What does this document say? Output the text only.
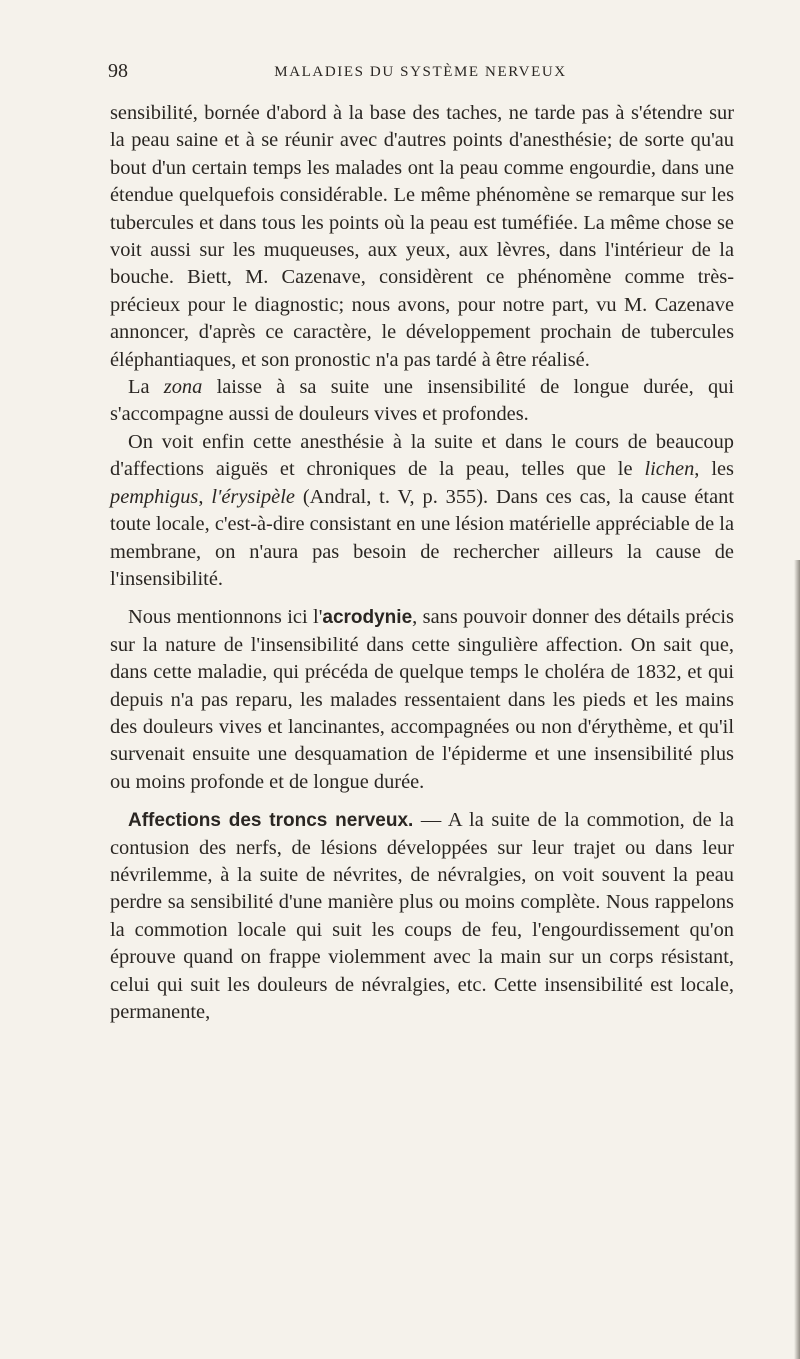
98	MALADIES DU SYSTÈME NERVEUX

sensibilité, bornée d'abord à la base des taches, ne tarde pas à s'étendre sur la peau saine et à se réunir avec d'autres points d'anesthésie; de sorte qu'au bout d'un certain temps les malades ont la peau comme engourdie, dans une étendue quelquefois considérable. Le même phénomène se remarque sur les tubercules et dans tous les points où la peau est tuméfiée. La même chose se voit aussi sur les muqueuses, aux yeux, aux lèvres, dans l'intérieur de la bouche. Biett, M. Cazenave, considèrent ce phénomène comme très-précieux pour le diagnostic; nous avons, pour notre part, vu M. Cazenave annoncer, d'après ce caractère, le développement prochain de tubercules éléphantiaques, et son pronostic n'a pas tardé à être réalisé.

La zona laisse à sa suite une insensibilité de longue durée, qui s'accompagne aussi de douleurs vives et profondes.

On voit enfin cette anesthésie à la suite et dans le cours de beaucoup d'affections aiguës et chroniques de la peau, telles que le lichen, les pemphigus, l'érysipèle (Andral, t. V, p. 355). Dans ces cas, la cause étant toute locale, c'est-à-dire consistant en une lésion matérielle appréciable de la membrane, on n'aura pas besoin de rechercher ailleurs la cause de l'insensibilité.

Nous mentionnons ici l'acrodynie, sans pouvoir donner des détails précis sur la nature de l'insensibilité dans cette singulière affection. On sait que, dans cette maladie, qui précéda de quelque temps le choléra de 1832, et qui depuis n'a pas reparu, les malades ressentaient dans les pieds et les mains des douleurs vives et lancinantes, accompagnées ou non d'érythème, et qu'il survenait ensuite une desquamation de l'épiderme et une insensibilité plus ou moins profonde et de longue durée.

Affections des troncs nerveux. — A la suite de la commotion, de la contusion des nerfs, de lésions développées sur leur trajet ou dans leur névrilemme, à la suite de névrites, de névralgies, on voit souvent la peau perdre sa sensibilité d'une manière plus ou moins complète. Nous rappelons la commotion locale qui suit les coups de feu, l'engourdissement qu'on éprouve quand on frappe violemment avec la main sur un corps résistant, celui qui suit les douleurs de névralgies, etc. Cette insensibilité est locale, permanente,
